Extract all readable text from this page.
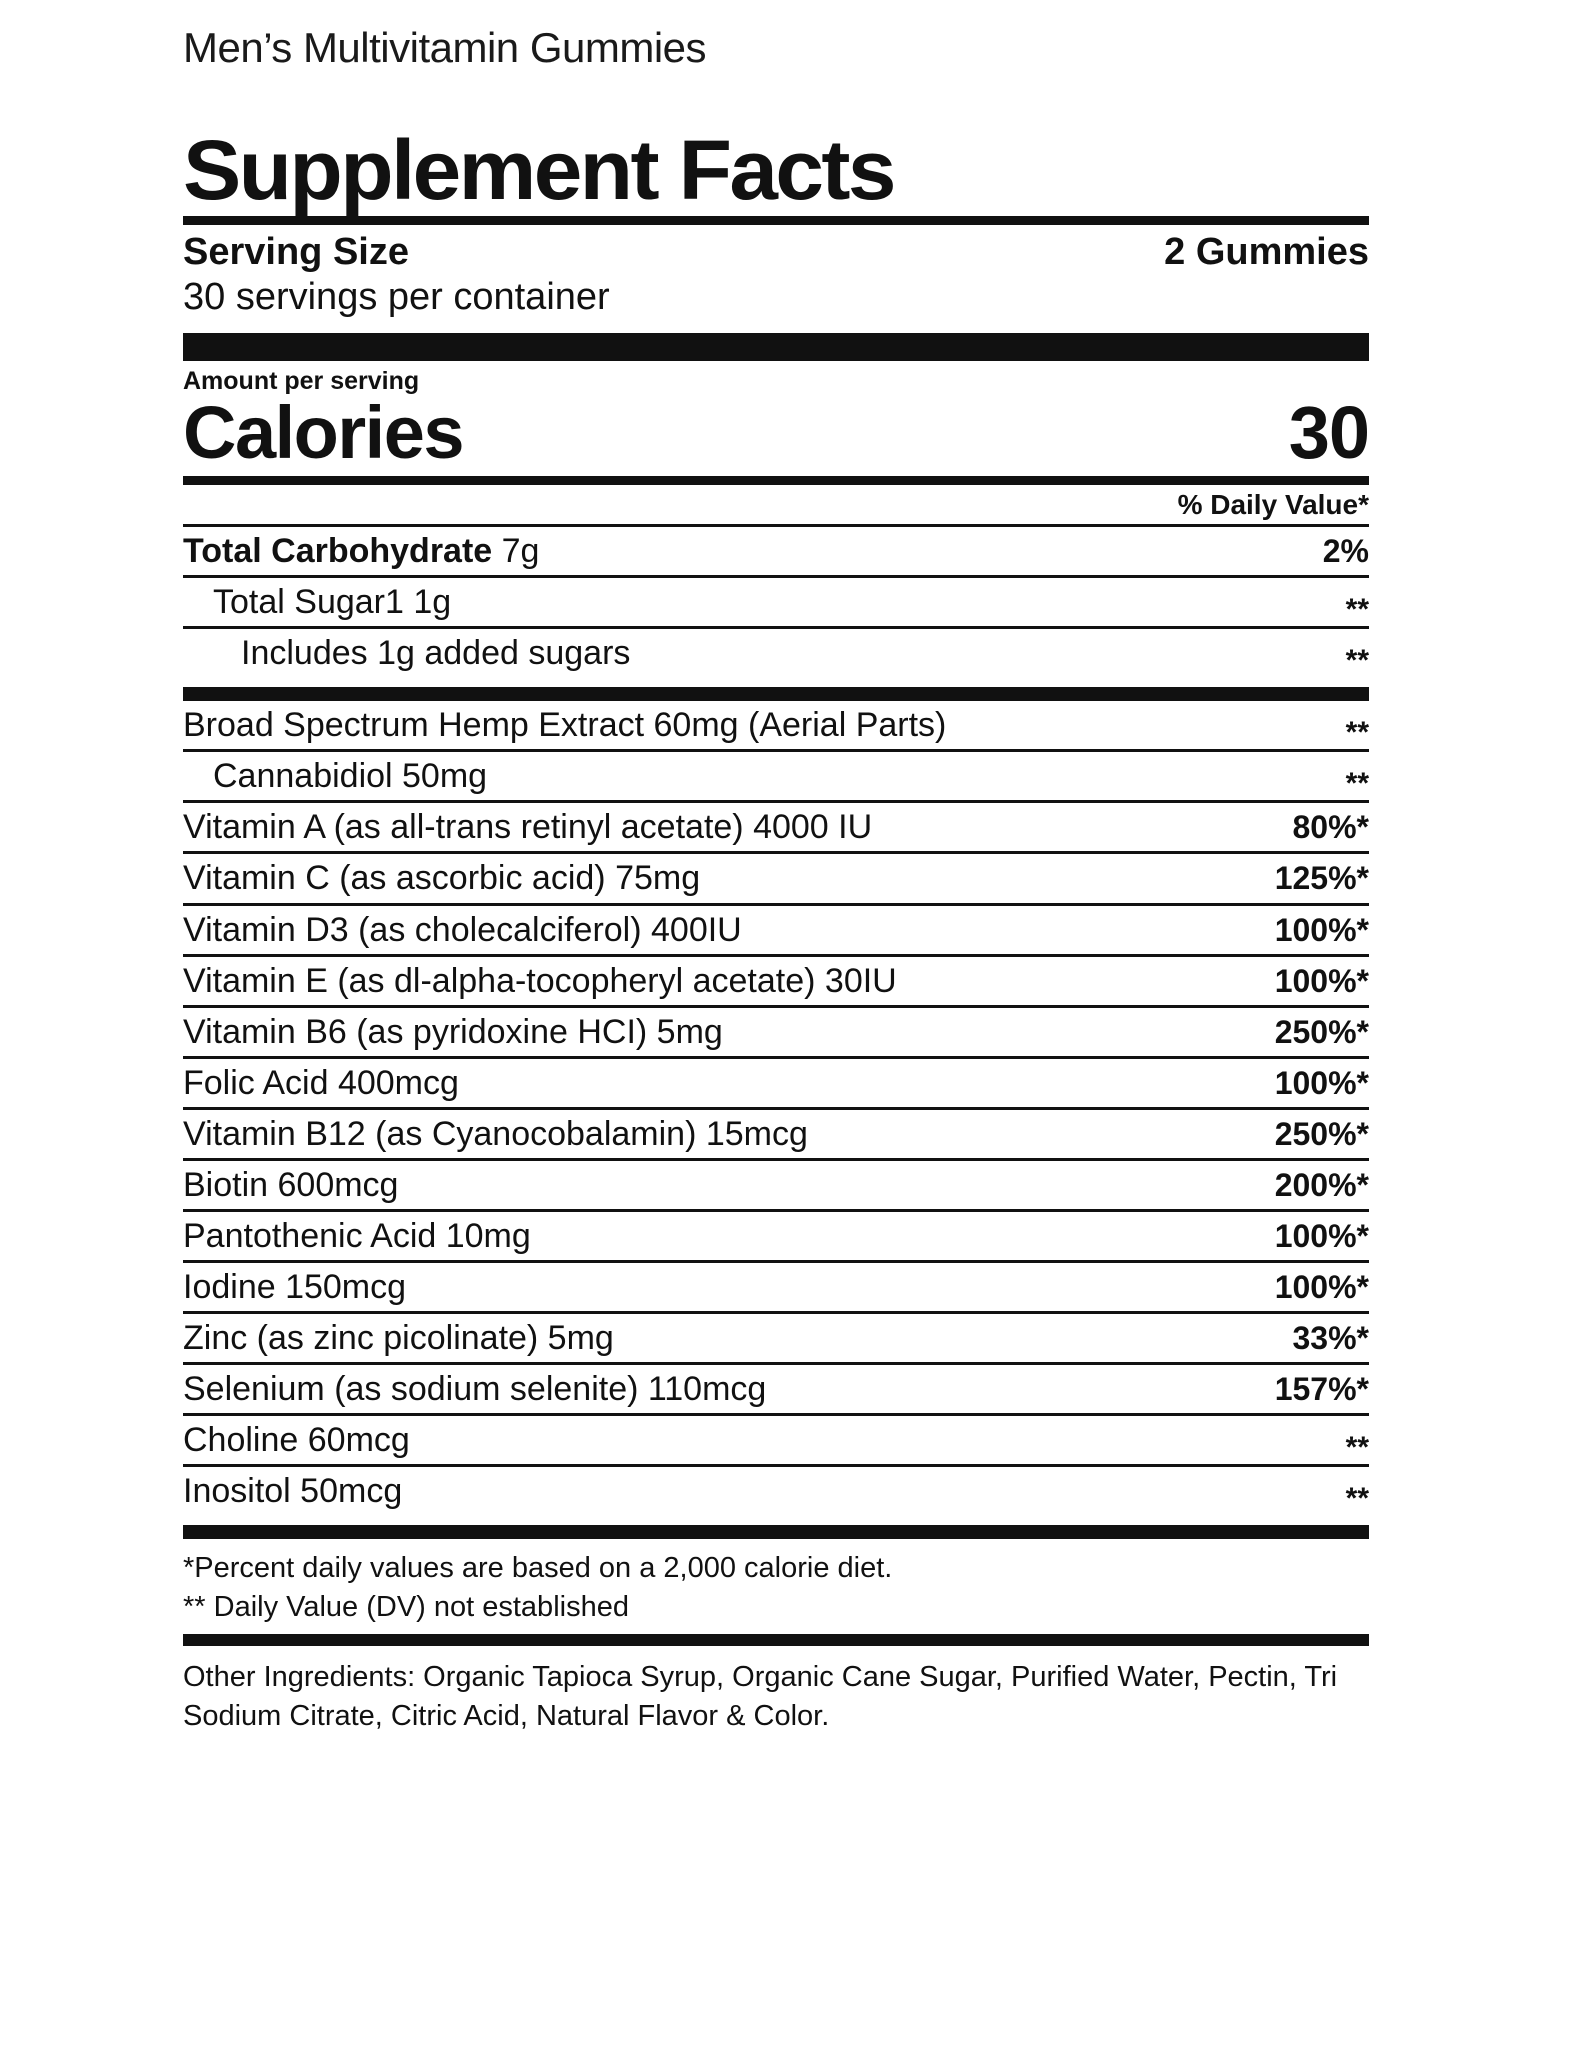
Men’s Multivitamin Gummies
Supplement Facts
Serving Size	2 Gummies
30 servings per container
Amount per serving
Calories	30
% Daily Value*
Total Carbohydrate 7g	2%
Total Sugar1 1g	**
Includes 1g added sugars	**
Broad Spectrum Hemp Extract 60mg (Aerial Parts)	**
Cannabidiol 50mg	**
Vitamin A (as all-trans retinyl acetate) 4000 IU	80%*
Vitamin C (as ascorbic acid) 75mg	125%*
Vitamin D3 (as cholecalciferol) 400IU	100%*
Vitamin E (as dl-alpha-tocopheryl acetate) 30IU	100%*
Vitamin B6 (as pyridoxine HCI) 5mg	250%*
Folic Acid 400mcg	100%*
Vitamin B12 (as Cyanocobalamin) 15mcg	250%*
Biotin 600mcg	200%*
Pantothenic Acid 10mg	100%*
Iodine 150mcg	100%*
Zinc (as zinc picolinate) 5mg	33%*
Selenium (as sodium selenite) 110mcg	157%*
Choline 60mcg	**
Inositol 50mcg	**
*Percent daily values are based on a 2,000 calorie diet.
** Daily Value (DV) not established
Other Ingredients: Organic Tapioca Syrup, Organic Cane Sugar, Purified Water, Pectin, Tri Sodium Citrate, Citric Acid, Natural Flavor & Color.
